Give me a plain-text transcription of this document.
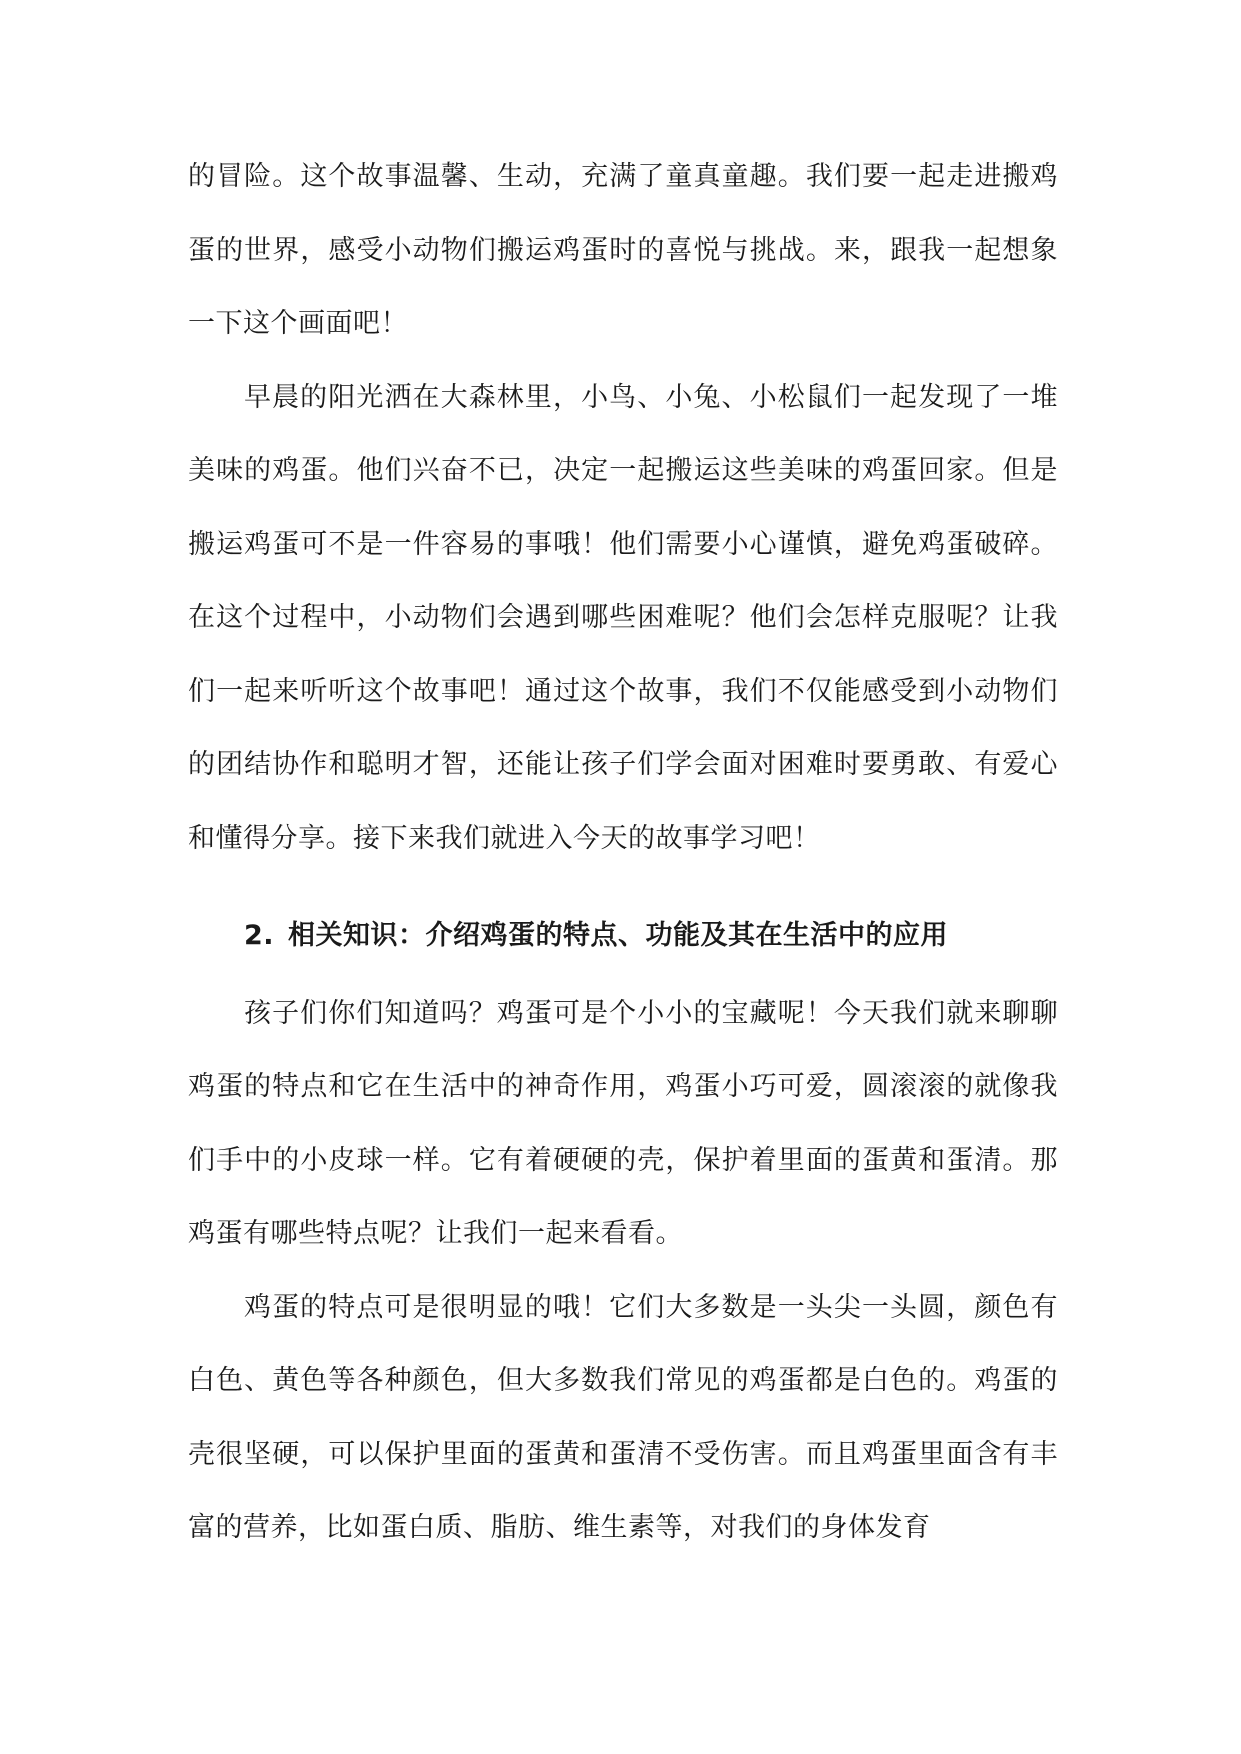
的冒险。这个故事温馨、生动，充满了童真童趣。我们要一起走进搬鸡蛋的世界，感受小动物们搬运鸡蛋时的喜悦与挑战。来，跟我一起想象一下这个画面吧！

早晨的阳光洒在大森林里，小鸟、小兔、小松鼠们一起发现了一堆美味的鸡蛋。他们兴奋不已，决定一起搬运这些美味的鸡蛋回家。但是搬运鸡蛋可不是一件容易的事哦！他们需要小心谨慎，避免鸡蛋破碎。在这个过程中，小动物们会遇到哪些困难呢？他们会怎样克服呢？让我们一起来听听这个故事吧！通过这个故事，我们不仅能感受到小动物们的团结协作和聪明才智，还能让孩子们学会面对困难时要勇敢、有爱心和懂得分享。接下来我们就进入今天的故事学习吧！

2. 相关知识：介绍鸡蛋的特点、功能及其在生活中的应用

孩子们你们知道吗？鸡蛋可是个小小的宝藏呢！今天我们就来聊聊鸡蛋的特点和它在生活中的神奇作用，鸡蛋小巧可爱，圆滚滚的就像我们手中的小皮球一样。它有着硬硬的壳，保护着里面的蛋黄和蛋清。那鸡蛋有哪些特点呢？让我们一起来看看。

鸡蛋的特点可是很明显的哦！它们大多数是一头尖一头圆，颜色有白色、黄色等各种颜色，但大多数我们常见的鸡蛋都是白色的。鸡蛋的壳很坚硬，可以保护里面的蛋黄和蛋清不受伤害。而且鸡蛋里面含有丰富的营养，比如蛋白质、脂肪、维生素等，对我们的身体发育
